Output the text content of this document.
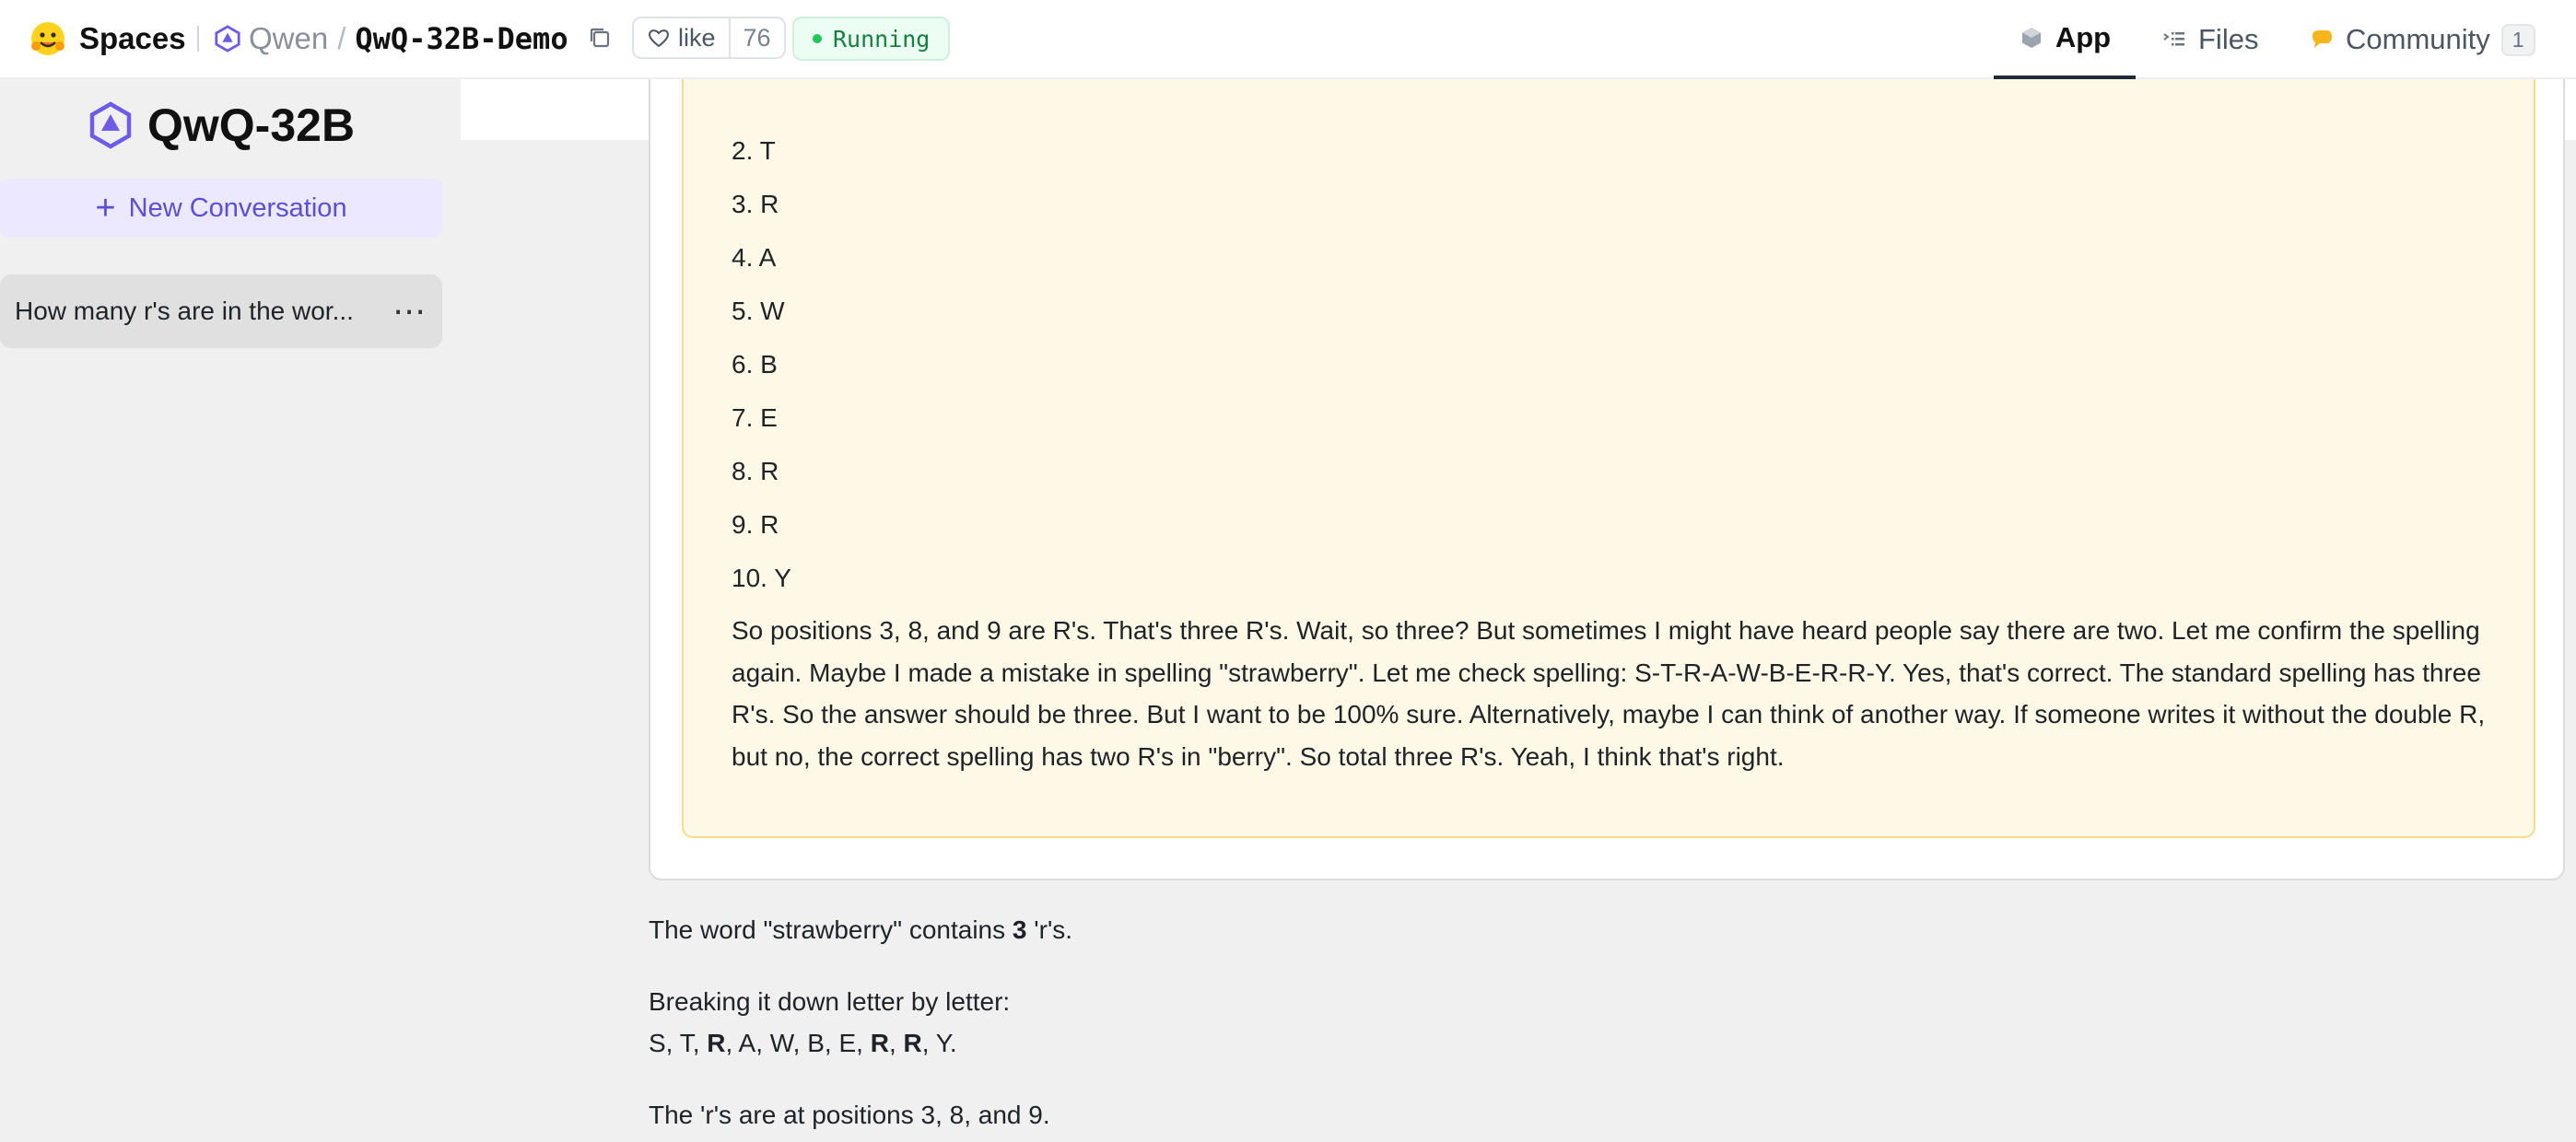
Spaces Qwen / QwQ-32B-Demo	like	76	Running	App	Files	Community	1
QwQ-32B
+ New Conversation
How many r's are in the wor...	⋯
2. T
3. R
4. A
5. W
6. B
7. E
8. R
9. R
10. Y
So positions 3, 8, and 9 are R's. That's three R's. Wait, so three? But sometimes I might have heard people say there are two. Let me confirm the spelling again. Maybe I made a mistake in spelling "strawberry". Let me check spelling: S-T-R-A-W-B-E-R-R-Y. Yes, that's correct. The standard spelling has three R's. So the answer should be three. But I want to be 100% sure. Alternatively, maybe I can think of another way. If someone writes it without the double R, but no, the correct spelling has two R's in "berry". So total three R's. Yeah, I think that's right.
The word "strawberry" contains 3 'r's.
Breaking it down letter by letter:
S, T, R, A, W, B, E, R, R, Y.
The 'r's are at positions 3, 8, and 9.
